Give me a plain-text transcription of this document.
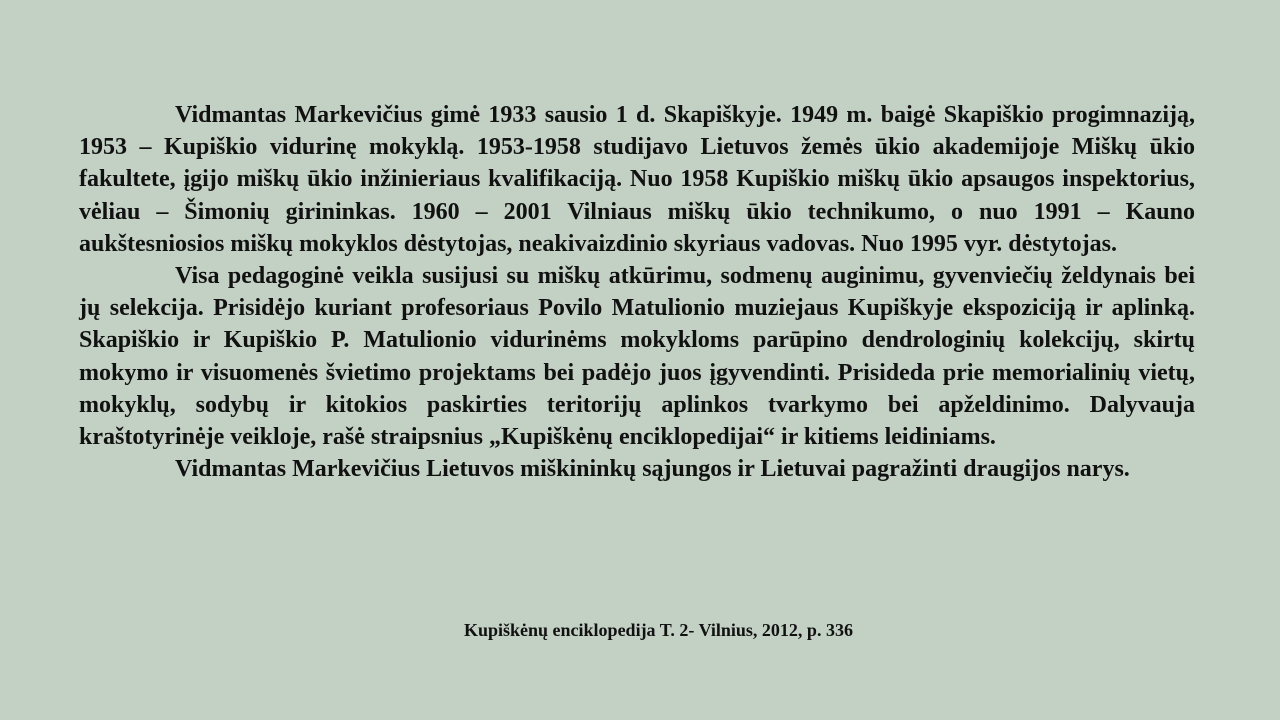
Vidmantas Markevičius gimė 1933 sausio 1 d. Skapiškyje. 1949 m. baigė Skapiškio progimnaziją, 1953 – Kupiškio vidurinę mokyklą. 1953-1958 studijavo Lietuvos žemės ūkio akademijoje Miškų ūkio fakultete, įgijo miškų ūkio inžinieriaus kvalifikaciją. Nuo 1958 Kupiškio miškų ūkio apsaugos inspektorius, vėliau – Šimonių girininkas. 1960 – 2001 Vilniaus miškų ūkio technikumo, o nuo 1991 – Kauno aukštesniosios miškų mokyklos dėstytojas, neakivaizdinio skyriaus vadovas. Nuo 1995 vyr. dėstytojas.

Visa pedagoginė veikla susijusi su miškų atkūrimu, sodmenų auginimu, gyvenviečių želdynais bei jų selekcija. Prisidėjo kuriant profesoriaus Povilo Matulionio muziejaus Kupiškyje ekspoziciją ir aplinką. Skapiškio ir Kupiškio P. Matulionio vidurinėms mokykloms parūpino dendrologinių kolekcijų, skirtų mokymo ir visuomenės švietimo projektams bei padėjo juos įgyvendinti. Prisideda prie memorialinių vietų, mokyklų, sodybų ir kitokios paskirties teritorijų aplinkos tvarkymo bei apželdinimo. Dalyvauja kraštotyrinėje veikloje, rašė straipsnius „Kupiškėnų enciklopedijai“ ir kitiems leidiniams.

Vidmantas Markevičius Lietuvos miškininkų sąjungos ir Lietuvai pagražinti draugijos narys.

Kupiškėnų enciklopedija T. 2- Vilnius, 2012, p. 336
